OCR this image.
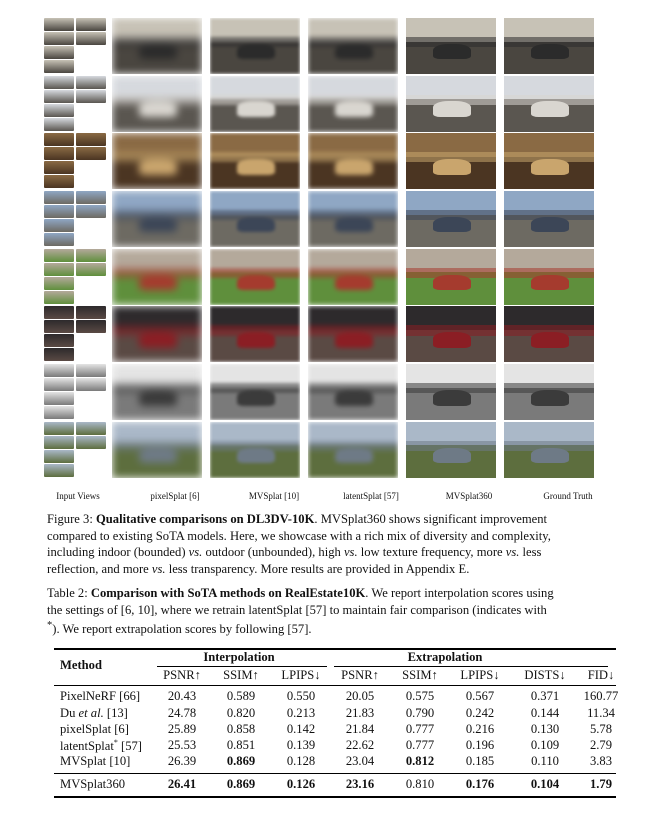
Input Views	pixelSplat [6]	MVSplat [10]	latentSplat [57]	MVSplat360	Ground Truth
Figure 3: Qualitative comparisons on DL3DV-10K. MVSplat360 shows significant improvement
compared to existing SoTA models. Here, we showcase with a rich mix of diversity and complexity,
including indoor (bounded) vs. outdoor (unbounded), high vs. low texture frequency, more vs. less
reflection, and more vs. less transparency. More results are provided in Appendix E.
Table 2: Comparison with SoTA methods on RealEstate10K. We report interpolation scores using
the settings of [6, 10], where we retrain latentSplat [57] to maintain fair comparison (indicates with
*). We report extrapolation scores by following [57].
Method
Interpolation	Extrapolation
PSNR↑ SSIM↑ LPIPS↓ PSNR↑ SSIM↑ LPIPS↓ DISTS↓ FID↓
PixelNeRF [66] 20.43 0.589	0.550 20.05	0.575	0.567	0.371 160.77
Du et al. [13]	24.78 0.820	0.213 21.83	0.790	0.242	0.144 11.34
pixelSplat [6]	25.89 0.858	0.142 21.84	0.777	0.216	0.130 5.78
latentSplat* [57] 25.53 0.851	0.139 22.62	0.777	0.196	0.109 2.79
MVSplat [10]	26.39 0.869	0.128 23.04	0.812	0.185	0.110 3.83
MVSplat360	26.41 0.869	0.126 23.16	0.810	0.176	0.104 1.79
